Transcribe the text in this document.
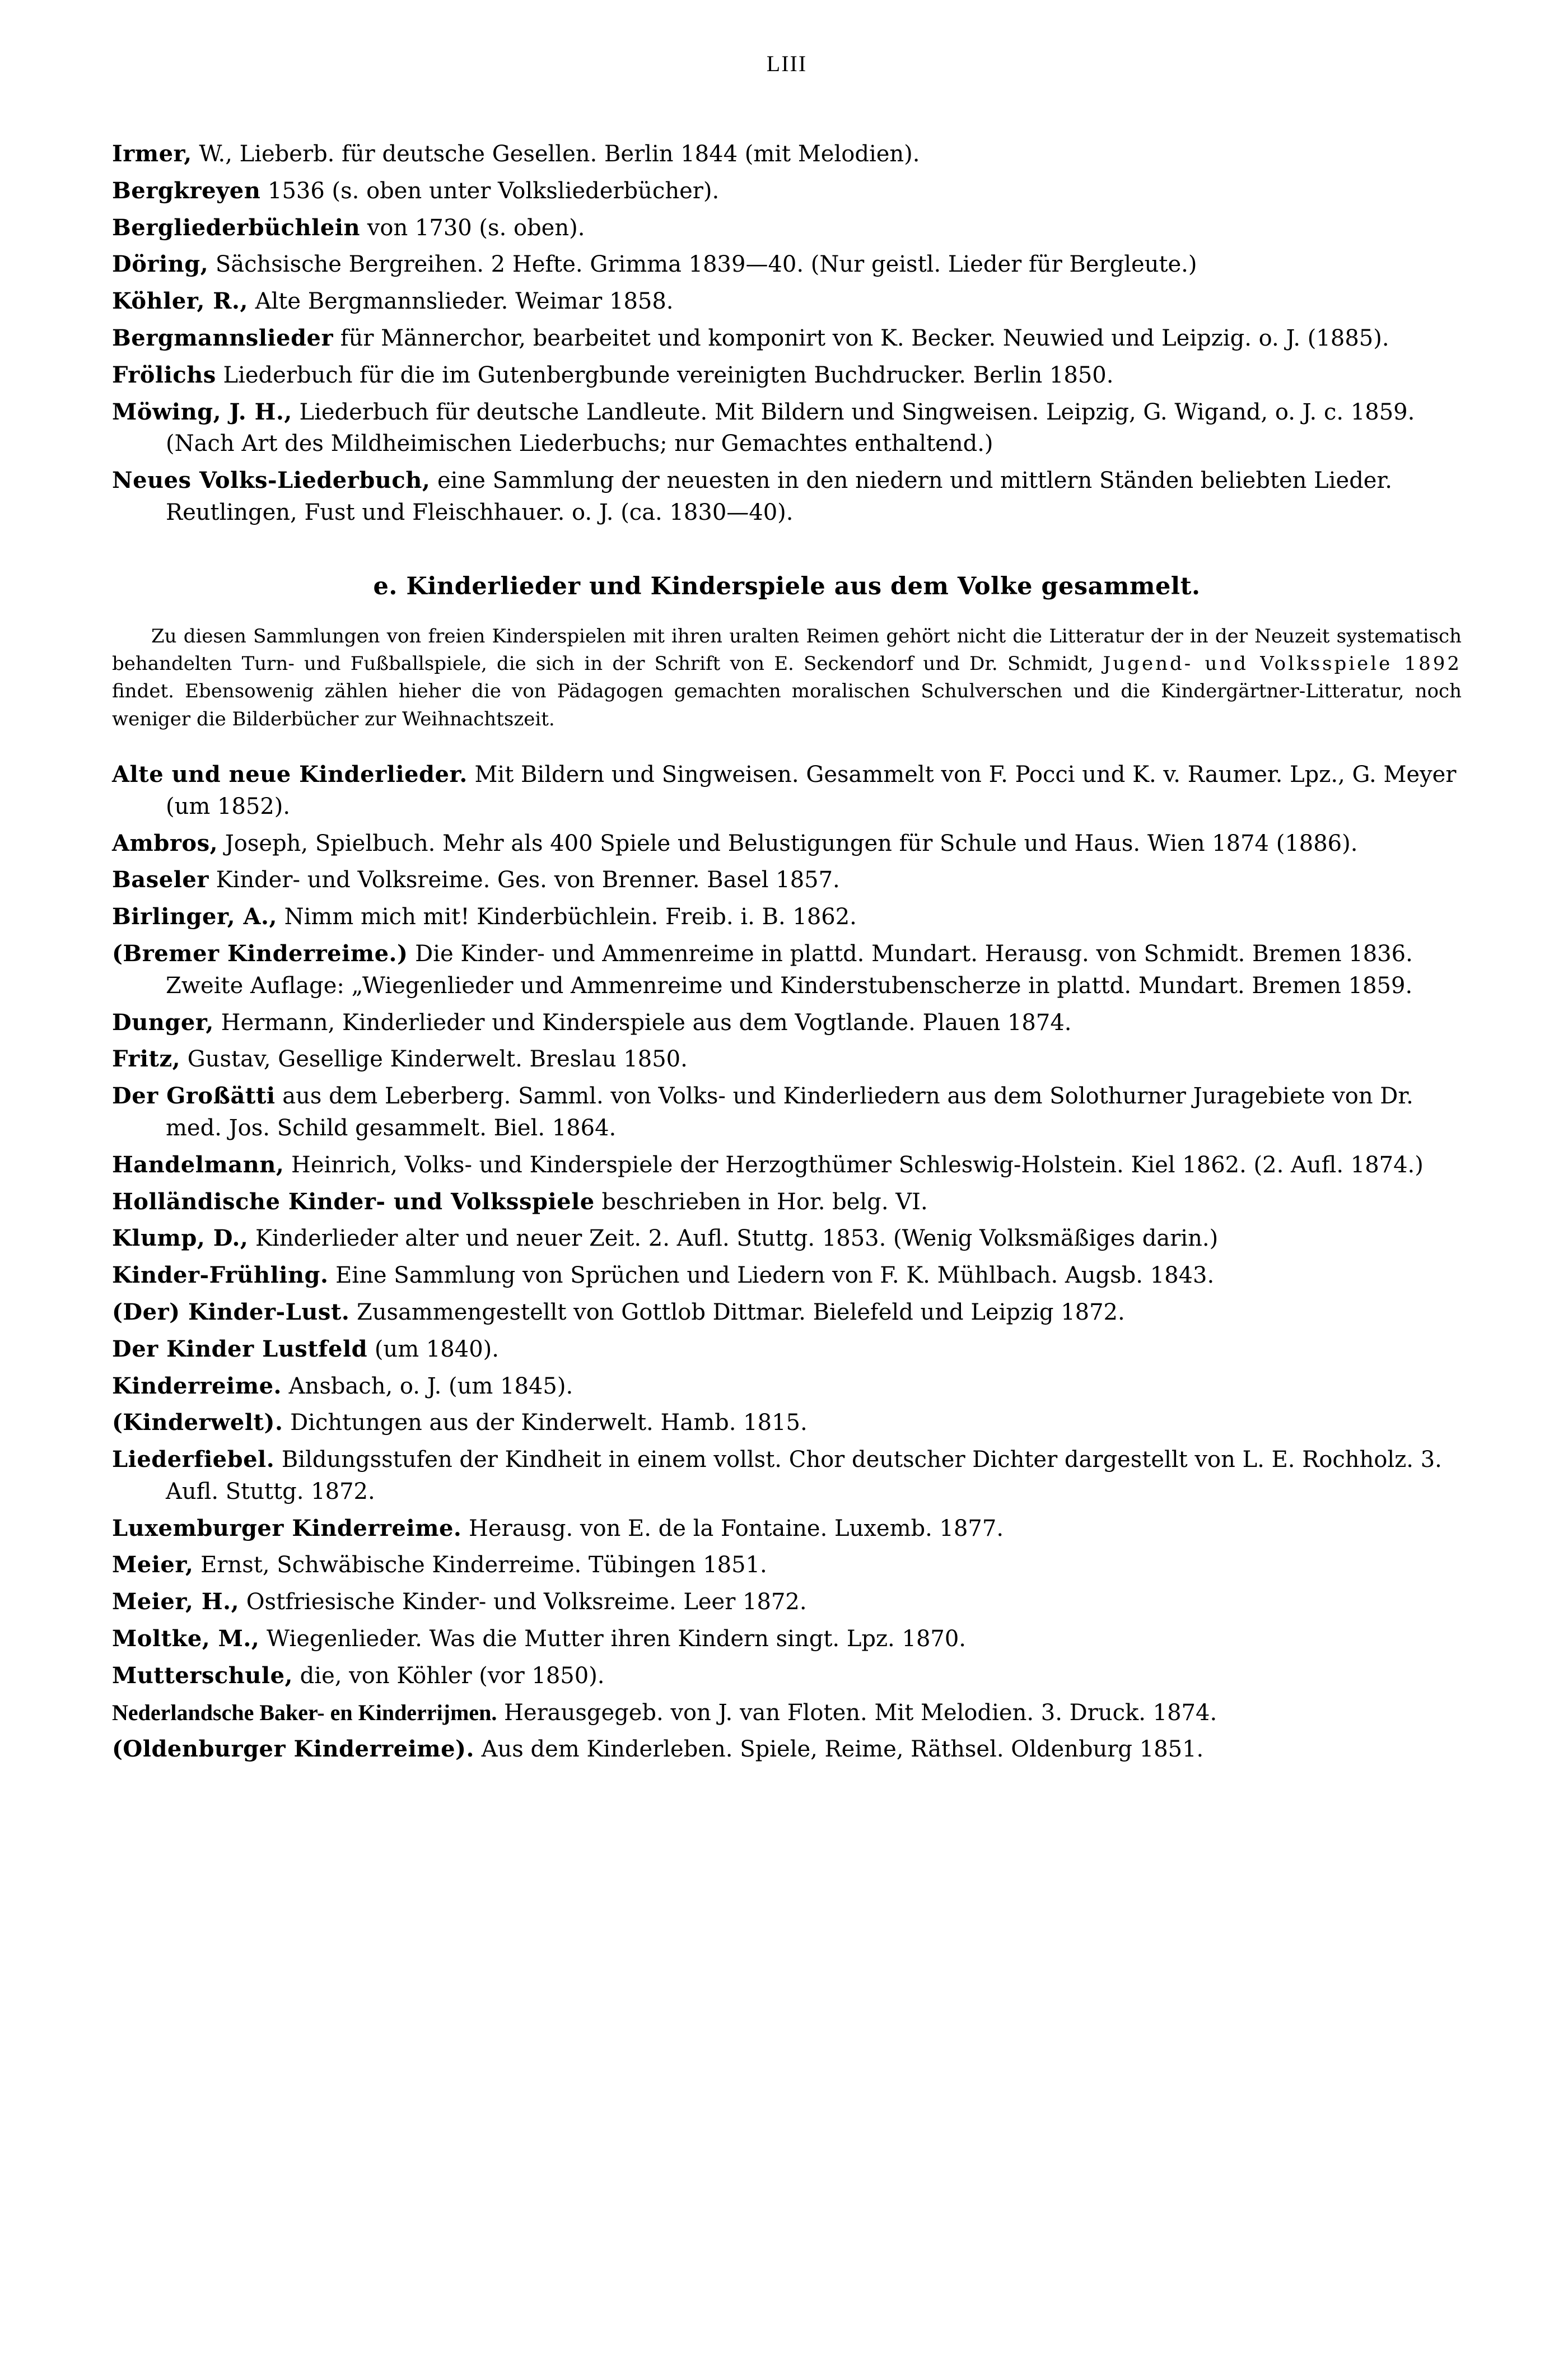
LIII
Irmer, W., Lieberb. für deutsche Gesellen. Berlin 1844 (mit Melodien).
Bergkreyen 1536 (s. oben unter Volksliederbücher).
Bergliederbüchlein von 1730 (s. oben).
Döring, Sächsische Bergreihen. 2 Hefte. Grimma 1839—40. (Nur geistl. Lieder für Bergleute.)
Köhler, R., Alte Bergmannslieder. Weimar 1858.
Bergmannslieder für Männerchor, bearbeitet und komponirt von K. Becker. Neuwied und Leipzig. o. J. (1885).
Frölichs Liederbuch für die im Gutenbergbunde vereinigten Buchdrucker. Berlin 1850.
Möwing, J. H., Liederbuch für deutsche Landleute. Mit Bildern und Singweisen. Leipzig, G. Wigand, o. J. c. 1859. (Nach Art des Mildheimischen Liederbuchs; nur Gemachtes enthaltend.)
Neues Volks-Liederbuch, eine Sammlung der neuesten in den niedern und mittlern Ständen beliebten Lieder. Reutlingen, Fust und Fleischhauer. o. J. (ca. 1830—40).
e. Kinderlieder und Kinderspiele aus dem Volke gesammelt.
Zu diesen Sammlungen von freien Kinderspielen mit ihren uralten Reimen gehört nicht die Litteratur der in der Neuzeit systematisch behandelten Turn- und Fußballspiele, die sich in der Schrift von E. Seckendorf und Dr. Schmidt, Jugend- und Volksspiele 1892 findet. Ebensowenig zählen hieher die von Pädagogen gemachten moralischen Schulverschen und die Kindergärtner-Litteratur, noch weniger die Bilderbücher zur Weihnachtszeit.
Alte und neue Kinderlieder. Mit Bildern und Singweisen. Gesammelt von F. Pocci und K. v. Raumer. Lpz., G. Meyer (um 1852).
Ambros, Joseph, Spielbuch. Mehr als 400 Spiele und Belustigungen für Schule und Haus. Wien 1874 (1886).
Baseler Kinder- und Volksreime. Ges. von Brenner. Basel 1857.
Birlinger, A., Nimm mich mit! Kinderbüchlein. Freib. i. B. 1862.
(Bremer Kinderreime.) Die Kinder- und Ammenreime in plattd. Mundart. Herausg. von Schmidt. Bremen 1836. Zweite Auflage: „Wiegenlieder und Ammenreime und Kinderstubenscherze in plattd. Mundart. Bremen 1859.
Dunger, Hermann, Kinderlieder und Kinderspiele aus dem Vogtlande. Plauen 1874.
Fritz, Gustav, Gesellige Kinderwelt. Breslau 1850.
Der Großätti aus dem Leberberg. Samml. von Volks- und Kinderliedern aus dem Solothurner Juragebiete von Dr. med. Jos. Schild gesammelt. Biel. 1864.
Handelmann, Heinrich, Volks- und Kinderspiele der Herzogthümer Schleswig-Holstein. Kiel 1862. (2. Aufl. 1874.)
Holländische Kinder- und Volksspiele beschrieben in Hor. belg. VI.
Klump, D., Kinderlieder alter und neuer Zeit. 2. Aufl. Stuttg. 1853. (Wenig Volksmäßiges darin.)
Kinder-Frühling. Eine Sammlung von Sprüchen und Liedern von F. K. Mühlbach. Augsb. 1843.
(Der) Kinder-Lust. Zusammengestellt von Gottlob Dittmar. Bielefeld und Leipzig 1872.
Der Kinder Lustfeld (um 1840).
Kinderreime. Ansbach, o. J. (um 1845).
(Kinderwelt). Dichtungen aus der Kinderwelt. Hamb. 1815.
Liederfiebel. Bildungsstufen der Kindheit in einem vollst. Chor deutscher Dichter dargestellt von L. E. Rochholz. 3. Aufl. Stuttg. 1872.
Luxemburger Kinderreime. Herausg. von E. de la Fontaine. Luxemb. 1877.
Meier, Ernst, Schwäbische Kinderreime. Tübingen 1851.
Meier, H., Ostfriesische Kinder- und Volksreime. Leer 1872.
Moltke, M., Wiegenlieder. Was die Mutter ihren Kindern singt. Lpz. 1870.
Mutterschule, die, von Köhler (vor 1850).
Nederlandsche Baker- en Kinderrijmen. Herausgegeb. von J. van Floten. Mit Melodien. 3. Druck. 1874.
(Oldenburger Kinderreime). Aus dem Kinderleben. Spiele, Reime, Räthsel. Oldenburg 1851.
